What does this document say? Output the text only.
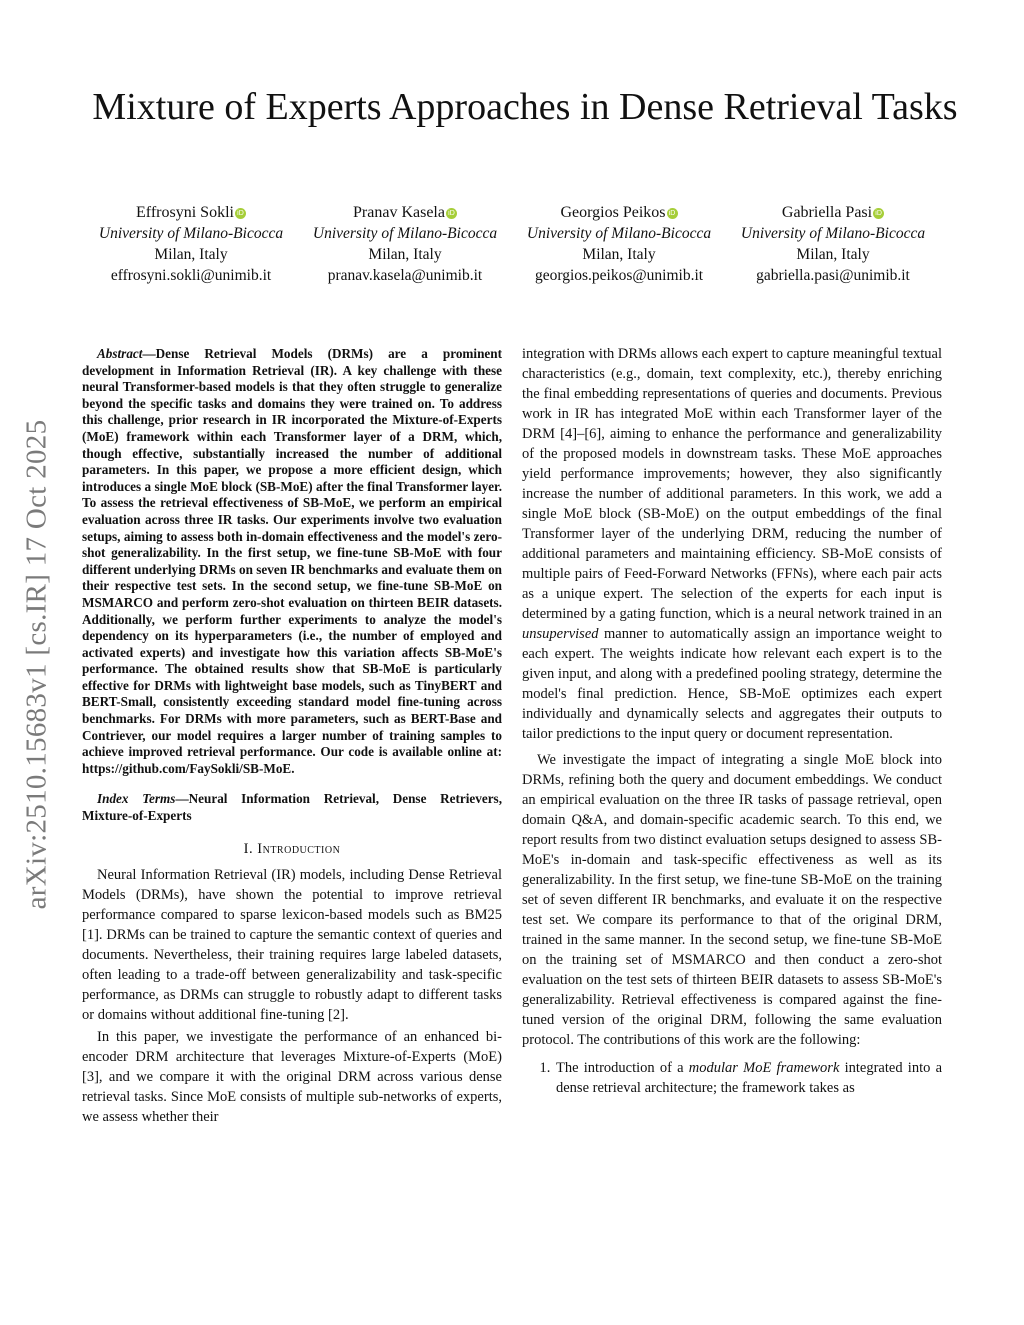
arXiv:2510.15683v1 [cs.IR] 17 Oct 2025
Mixture of Experts Approaches in Dense Retrieval Tasks
Effrosyni Sokli iD
University of Milano-Bicocca
Milan, Italy
effrosyni.sokli@unimib.it
Pranav Kasela iD
University of Milano-Bicocca
Milan, Italy
pranav.kasela@unimib.it
Georgios Peikos iD
University of Milano-Bicocca
Milan, Italy
georgios.peikos@unimib.it
Gabriella Pasi iD
University of Milano-Bicocca
Milan, Italy
gabriella.pasi@unimib.it

Abstract—Dense Retrieval Models (DRMs) are a prominent development in Information Retrieval (IR). A key challenge with these neural Transformer-based models is that they often struggle to generalize beyond the specific tasks and domains they were trained on. To address this challenge, prior research in IR incorporated the Mixture-of-Experts (MoE) framework within each Transformer layer of a DRM, which, though effective, substantially increased the number of additional parameters. In this paper, we propose a more efficient design, which introduces a single MoE block (SB-MoE) after the final Transformer layer. To assess the retrieval effectiveness of SB-MoE, we perform an empirical evaluation across three IR tasks. Our experiments involve two evaluation setups, aiming to assess both in-domain effectiveness and the model's zero-shot generalizability. In the first setup, we fine-tune SB-MoE with four different underlying DRMs on seven IR benchmarks and evaluate them on their respective test sets. In the second setup, we fine-tune SB-MoE on MSMARCO and perform zero-shot evaluation on thirteen BEIR datasets. Additionally, we perform further experiments to analyze the model's dependency on its hyperparameters (i.e., the number of employed and activated experts) and investigate how this variation affects SB-MoE's performance. The obtained results show that SB-MoE is particularly effective for DRMs with lightweight base models, such as TinyBERT and BERT-Small, consistently exceeding standard model fine-tuning across benchmarks. For DRMs with more parameters, such as BERT-Base and Contriever, our model requires a larger number of training samples to achieve improved retrieval performance. Our code is available online at: https://github.com/FaySokli/SB-MoE.

Index Terms—Neural Information Retrieval, Dense Retrievers, Mixture-of-Experts

I. Introduction

Neural Information Retrieval (IR) models, including Dense Retrieval Models (DRMs), have shown the potential to improve retrieval performance compared to sparse lexicon-based models such as BM25 [1]. DRMs can be trained to capture the semantic context of queries and documents. Nevertheless, their training requires large labeled datasets, often leading to a trade-off between generalizability and task-specific performance, as DRMs can struggle to robustly adapt to different tasks or domains without additional fine-tuning [2].

In this paper, we investigate the performance of an enhanced bi-encoder DRM architecture that leverages Mixture-of-Experts (MoE) [3], and we compare it with the original DRM across various dense retrieval tasks. Since MoE consists of multiple sub-networks of experts, we assess whether their

integration with DRMs allows each expert to capture meaningful textual characteristics (e.g., domain, text complexity, etc.), thereby enriching the final embedding representations of queries and documents. Previous work in IR has integrated MoE within each Transformer layer of the DRM [4]–[6], aiming to enhance the performance and generalizability of the proposed models in downstream tasks. These MoE approaches yield performance improvements; however, they also significantly increase the number of additional parameters. In this work, we add a single MoE block (SB-MoE) on the output embeddings of the final Transformer layer of the underlying DRM, reducing the number of additional parameters and maintaining efficiency. SB-MoE consists of multiple pairs of Feed-Forward Networks (FFNs), where each pair acts as a unique expert. The selection of the experts for each input is determined by a gating function, which is a neural network trained in an unsupervised manner to automatically assign an importance weight to each expert. The weights indicate how relevant each expert is to the given input, and along with a predefined pooling strategy, determine the model's final prediction. Hence, SB-MoE optimizes each expert individually and dynamically selects and aggregates their outputs to tailor predictions to the input query or document representation.

We investigate the impact of integrating a single MoE block into DRMs, refining both the query and document embeddings. We conduct an empirical evaluation on the three IR tasks of passage retrieval, open domain Q&A, and domain-specific academic search. To this end, we report results from two distinct evaluation setups designed to assess SB-MoE's in-domain and task-specific effectiveness as well as its generalizability. In the first setup, we fine-tune SB-MoE on the training set of seven different IR benchmarks, and evaluate it on the respective test set. We compare its performance to that of the original DRM, trained in the same manner. In the second setup, we fine-tune SB-MoE on the training set of MSMARCO and then conduct a zero-shot evaluation on the test sets of thirteen BEIR datasets to assess SB-MoE's generalizability. Retrieval effectiveness is compared against the fine-tuned version of the original DRM, following the same evaluation protocol. The contributions of this work are the following:

1. The introduction of a modular MoE framework integrated into a dense retrieval architecture; the framework takes as
